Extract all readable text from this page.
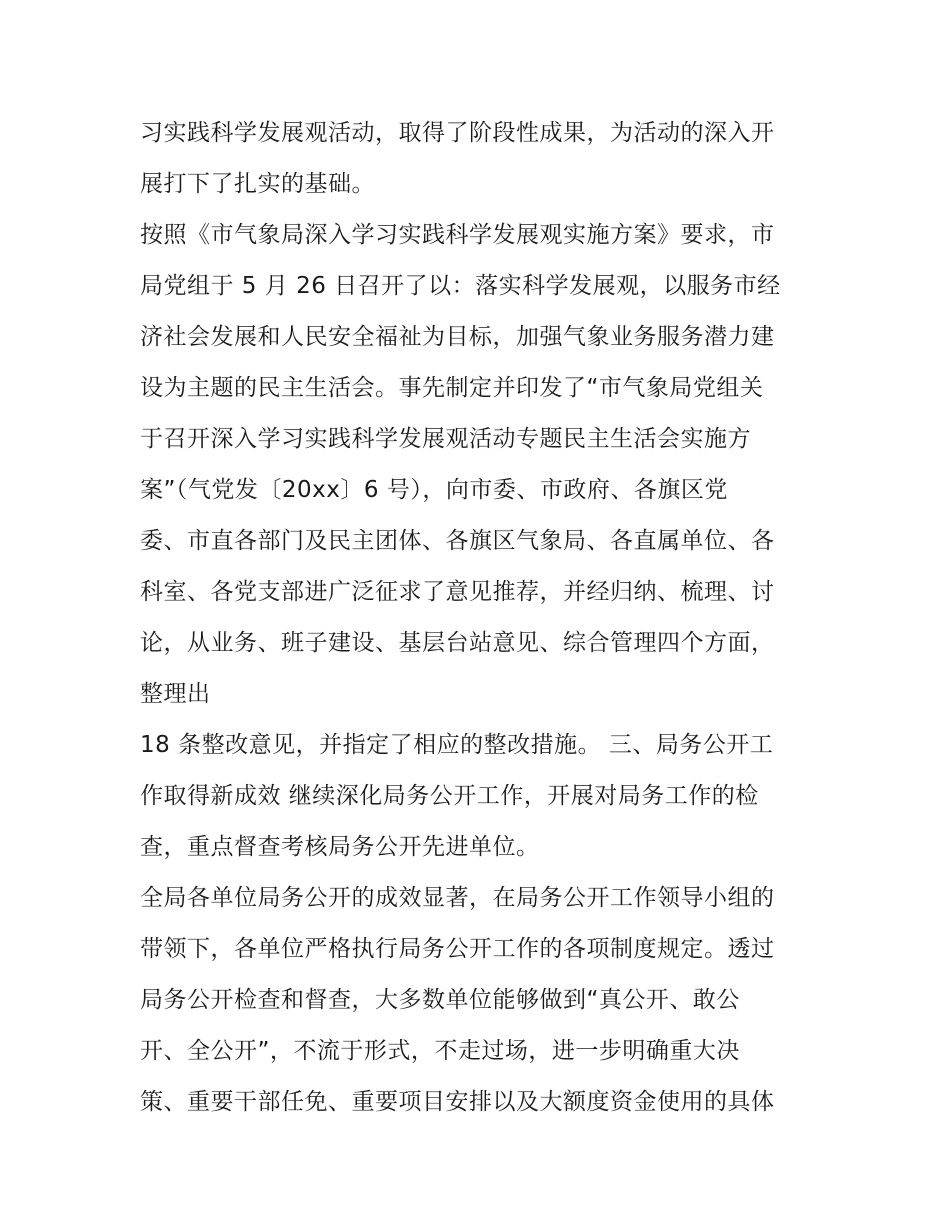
习实践科学发展观活动，取得了阶段性成果，为活动的深入开
展打下了扎实的基础。
按照《市气象局深入学习实践科学发展观实施方案》要求，市
局党组于 5 月 26 日召开了以：落实科学发展观，以服务市经
济社会发展和人民安全福祉为目标，加强气象业务服务潜力建
设为主题的民主生活会。事先制定并印发了“市气象局党组关
于召开深入学习实践科学发展观活动专题民主生活会实施方
案”（气党发〔20xx〕6 号），向市委、市政府、各旗区党
委、市直各部门及民主团体、各旗区气象局、各直属单位、各
科室、各党支部进广泛征求了意见推荐，并经归纳、梳理、讨
论，从业务、班子建设、基层台站意见、综合管理四个方面，
整理出
18 条整改意见，并指定了相应的整改措施。 三、局务公开工
作取得新成效 继续深化局务公开工作，开展对局务工作的检
查，重点督查考核局务公开先进单位。
全局各单位局务公开的成效显著，在局务公开工作领导小组的
带领下，各单位严格执行局务公开工作的各项制度规定。透过
局务公开检查和督查，大多数单位能够做到“真公开、敢公
开、全公开”，不流于形式，不走过场，进一步明确重大决
策、重要干部任免、重要项目安排以及大额度资金使用的具体
